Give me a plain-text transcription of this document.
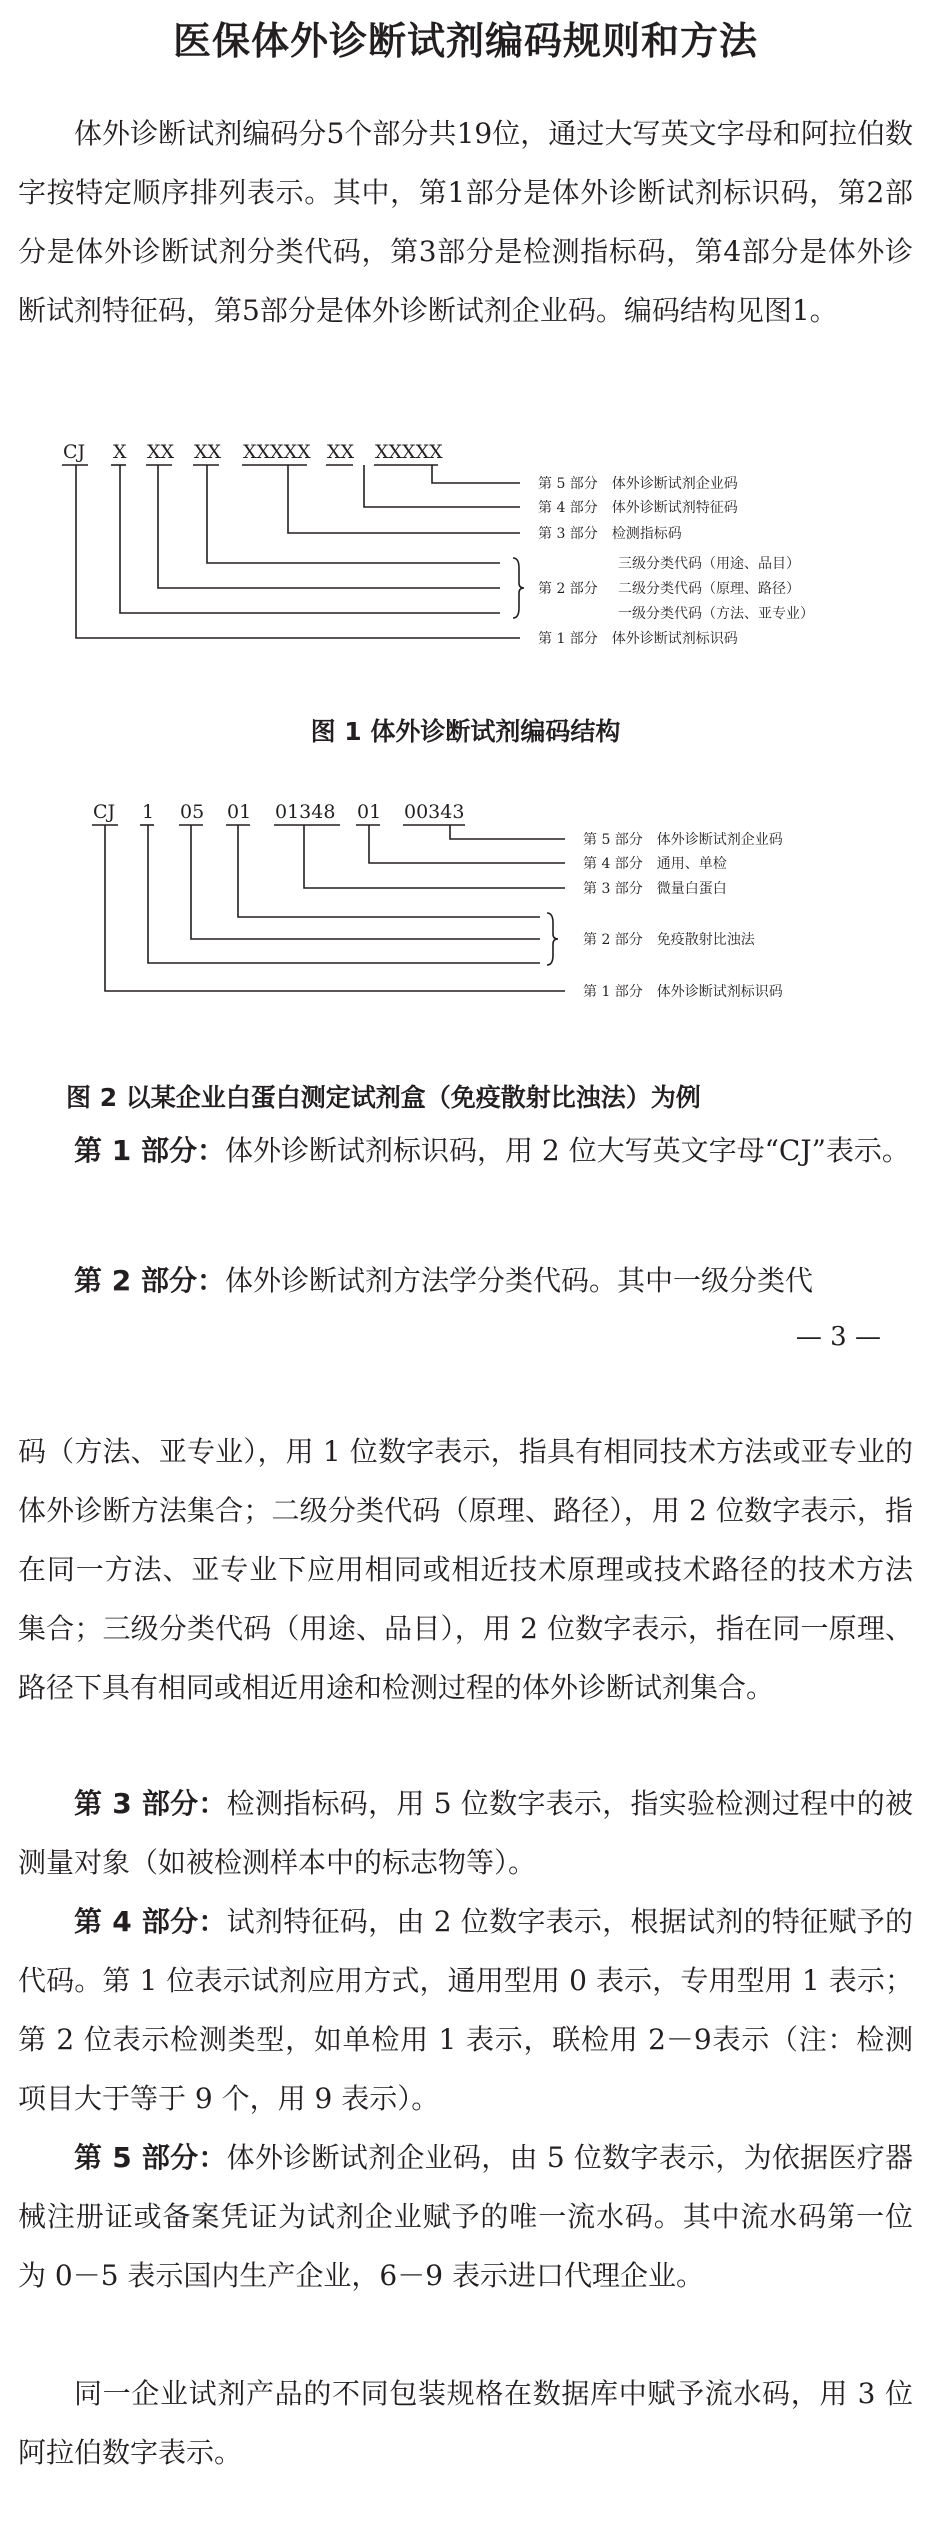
医保体外诊断试剂编码规则和方法

体外诊断试剂编码分5个部分共19位，通过大写英文字母和阿拉伯数字按特定顺序排列表示。其中，第1部分是体外诊断试剂标识码，第2部分是体外诊断试剂分类代码，第3部分是检测指标码，第4部分是体外诊断试剂特征码，第5部分是体外诊断试剂企业码。编码结构见图1。

CJ X XX XX XXXXX XX XXXXX
第 5 部分　体外诊断试剂企业码
第 4 部分　体外诊断试剂特征码
第 3 部分　检测指标码
三级分类代码（用途、品目）
第 2 部分 二级分类代码（原理、路径）
一级分类代码（方法、亚专业）
第 1 部分　体外诊断试剂标识码

图 1 体外诊断试剂编码结构

CJ 1 05 01 01348 01 00343
第 5 部分　体外诊断试剂企业码
第 4 部分　通用、单检
第 3 部分　微量白蛋白
第 2 部分　免疫散射比浊法
第 1 部分　体外诊断试剂标识码

图 2 以某企业白蛋白测定试剂盒（免疫散射比浊法）为例

第 1 部分：体外诊断试剂标识码，用 2 位大写英文字母“CJ”表示。

第 2 部分：体外诊断试剂方法学分类代码。其中一级分类代

— 3 —

码（方法、亚专业），用 1 位数字表示，指具有相同技术方法或亚专业的体外诊断方法集合；二级分类代码（原理、路径），用 2 位数字表示，指在同一方法、亚专业下应用相同或相近技术原理或技术路径的技术方法集合；三级分类代码（用途、品目），用 2 位数字表示，指在同一原理、路径下具有相同或相近用途和检测过程的体外诊断试剂集合。

第 3 部分：检测指标码，用 5 位数字表示，指实验检测过程中的被测量对象（如被检测样本中的标志物等）。

第 4 部分：试剂特征码，由 2 位数字表示，根据试剂的特征赋予的代码。第 1 位表示试剂应用方式，通用型用 0 表示，专用型用 1 表示；第 2 位表示检测类型，如单检用 1 表示，联检用 2－9表示（注：检测项目大于等于 9 个，用 9 表示）。

第 5 部分：体外诊断试剂企业码，由 5 位数字表示，为依据医疗器械注册证或备案凭证为试剂企业赋予的唯一流水码。其中流水码第一位为 0－5 表示国内生产企业，6－9 表示进口代理企业。

同一企业试剂产品的不同包装规格在数据库中赋予流水码，用 3 位阿拉伯数字表示。
